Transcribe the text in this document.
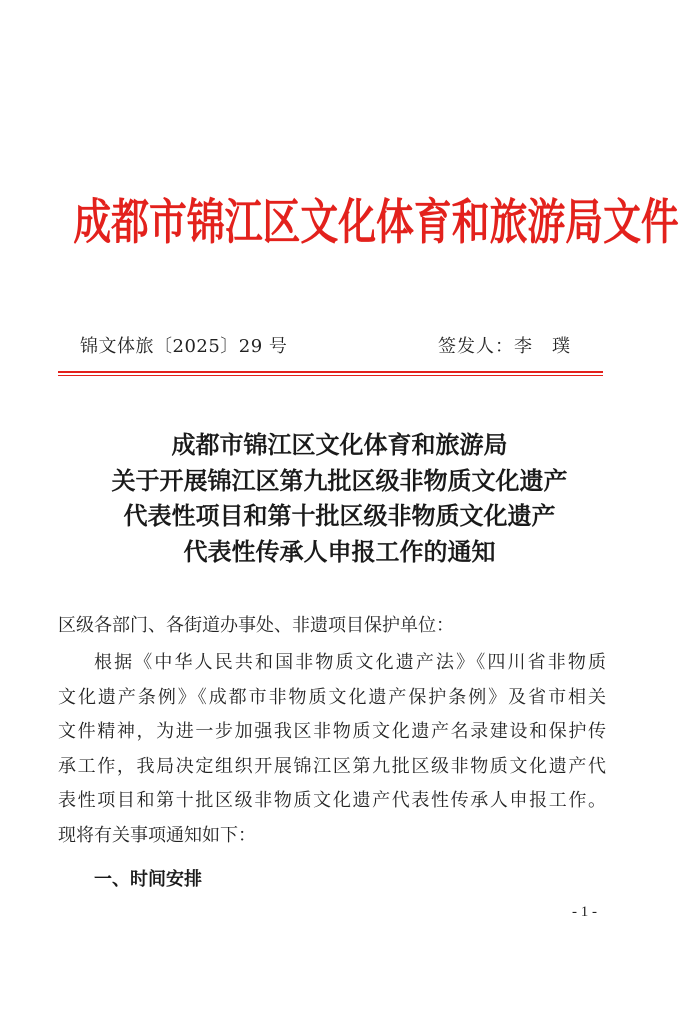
成都市锦江区文化体育和旅游局文件
锦文体旅〔2025〕29 号	签发人：李　璞
成都市锦江区文化体育和旅游局
关于开展锦江区第九批区级非物质文化遗产
代表性项目和第十批区级非物质文化遗产
代表性传承人申报工作的通知
区级各部门、各街道办事处、非遗项目保护单位：
根据《中华人民共和国非物质文化遗产法》《四川省非物质
文化遗产条例》《成都市非物质文化遗产保护条例》及省市相关
文件精神，为进一步加强我区非物质文化遗产名录建设和保护传
承工作，我局决定组织开展锦江区第九批区级非物质文化遗产代
表性项目和第十批区级非物质文化遗产代表性传承人申报工作。
现将有关事项通知如下：
一、时间安排
- 1 -
